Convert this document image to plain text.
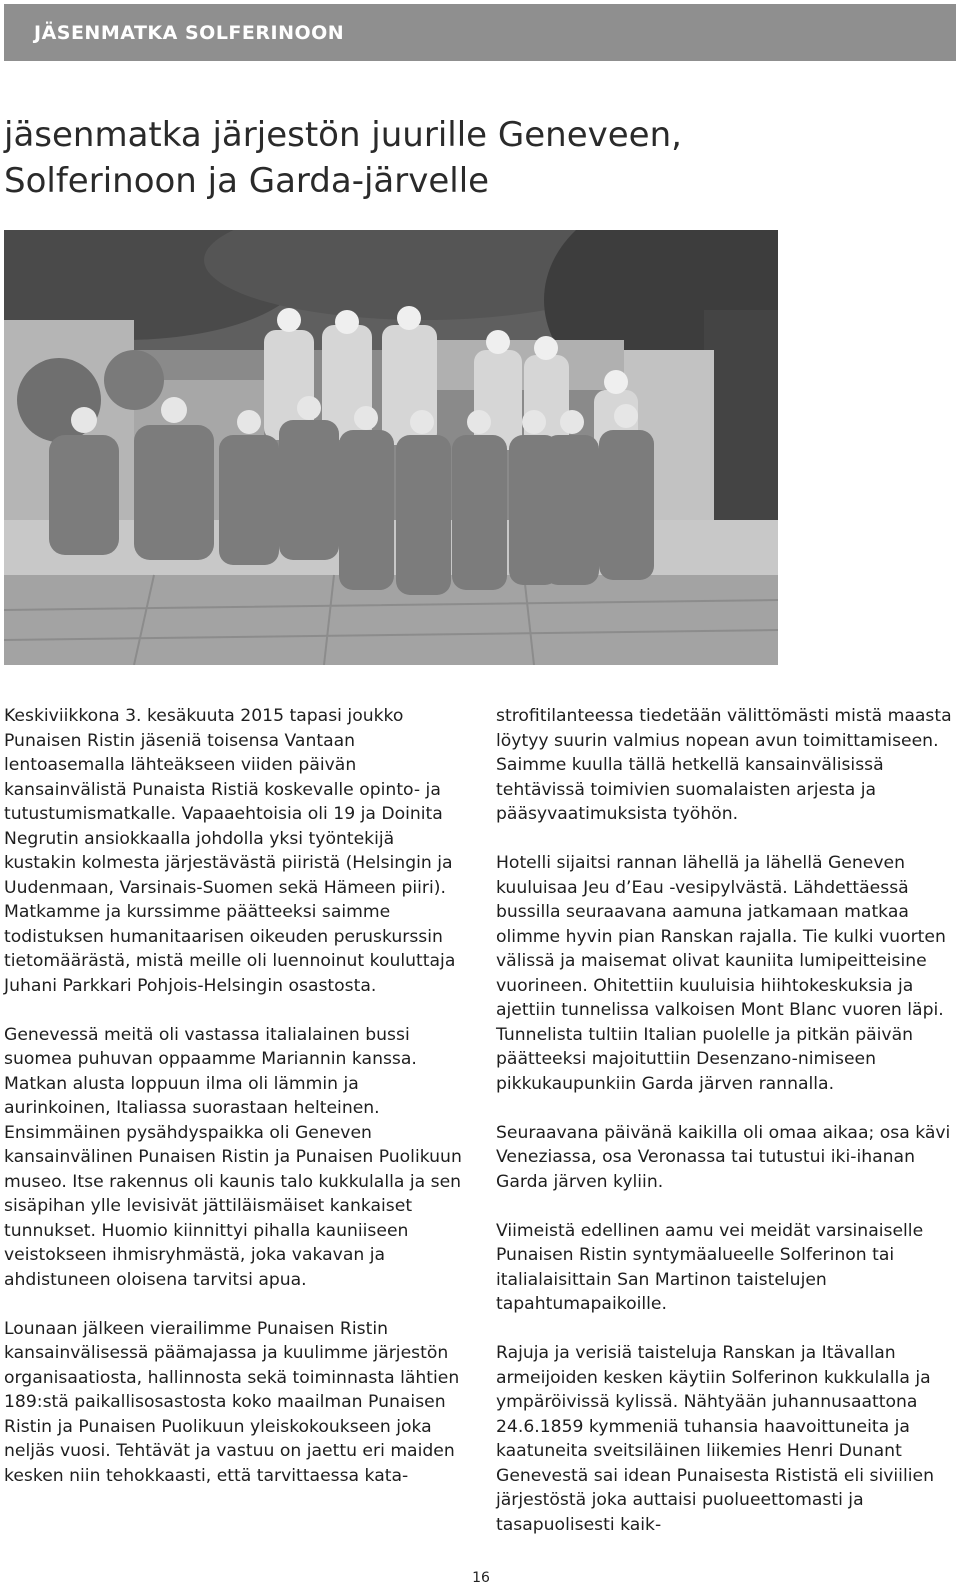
JÄSENMATKA SOLFERINOON
jäsenmatka järjestön juurille Geneveen,
Solferinoon ja Garda-järvelle

Keskiviikkona 3. kesäkuuta 2015 tapasi joukko Punaisen Ristin jäseniä toisensa Vantaan lentoasemalla lähteäkseen viiden päivän kansainvälistä Punaista Ristiä koskevalle opinto- ja tutustumismatkalle. Vapaaehtoisia oli 19 ja Doinita Negrutin ansiokkaalla johdolla yksi työntekijä kustakin kolmesta järjestävästä piiristä (Helsingin ja Uudenmaan, Varsinais-Suomen sekä Hämeen piiri). Matkamme ja kurssimme päätteeksi saimme todistuksen humanitaarisen oikeuden peruskurssin tietomäärästä, mistä meille oli luennoinut kouluttaja Juhani Parkkari Pohjois-Helsingin osastosta.

Genevessä meitä oli vastassa italialainen bussi suomea puhuvan oppaamme Mariannin kanssa. Matkan alusta loppuun ilma oli lämmin ja aurinkoinen, Italiassa suorastaan helteinen. Ensimmäinen pysähdyspaikka oli Geneven kansainvälinen Punaisen Ristin ja Punaisen Puolikuun museo. Itse rakennus oli kaunis talo kukkulalla ja sen sisäpihan ylle levisivät jättiläismäiset kankaiset tunnukset. Huomio kiinnittyi pihalla kauniiseen veistokseen ihmisryhmästä, joka vakavan ja ahdistuneen oloisena tarvitsi apua.

Lounaan jälkeen vierailimme Punaisen Ristin kansainvälisessä päämajassa ja kuulimme järjestön organisaatiosta, hallinnosta sekä toiminnasta lähtien 189:stä paikallisosastosta koko maailman Punaisen Ristin ja Punaisen Puolikuun yleiskokoukseen joka neljäs vuosi. Tehtävät ja vastuu on jaettu eri maiden kesken niin tehokkaasti, että tarvittaessa kata-

strofitilanteessa tiedetään välittömästi mistä maasta löytyy suurin valmius nopean avun toimittamiseen. Saimme kuulla tällä hetkellä kansainvälisissä tehtävissä toimivien suomalaisten arjesta ja pääsyvaatimuksista työhön.

Hotelli sijaitsi rannan lähellä ja lähellä Geneven kuuluisaa Jeu d’Eau -vesipylvästä. Lähdettäessä bussilla seuraavana aamuna jatkamaan matkaa olimme hyvin pian Ranskan rajalla. Tie kulki vuorten välissä ja maisemat olivat kauniita lumipeitteisine vuorineen. Ohitettiin kuuluisia hiihtokeskuksia ja ajettiin tunnelissa valkoisen Mont Blanc vuoren läpi. Tunnelista tultiin Italian puolelle ja pitkän päivän päätteeksi majoituttiin Desenzano-nimiseen pikkukaupunkiin Garda järven rannalla.

Seuraavana päivänä kaikilla oli omaa aikaa; osa kävi Veneziassa, osa Veronassa tai tutustui iki-ihanan Garda järven kyliin.

Viimeistä edellinen aamu vei meidät varsinaiselle Punaisen Ristin syntymäalueelle Solferinon tai italialaisittain San Martinon taistelujen tapahtumapaikoille.

Rajuja ja verisiä taisteluja Ranskan ja Itävallan armeijoiden kesken käytiin Solferinon kukkulalla ja ympäröivissä kylissä. Nähtyään juhannusaattona 24.6.1859 kymmeniä tuhansia haavoittuneita ja kaatuneita sveitsiläinen liikemies Henri Dunant Genevestä sai idean Punaisesta Rististä eli siviilien järjestöstä joka auttaisi puolueettomasti ja tasapuolisesti kaik-

16
